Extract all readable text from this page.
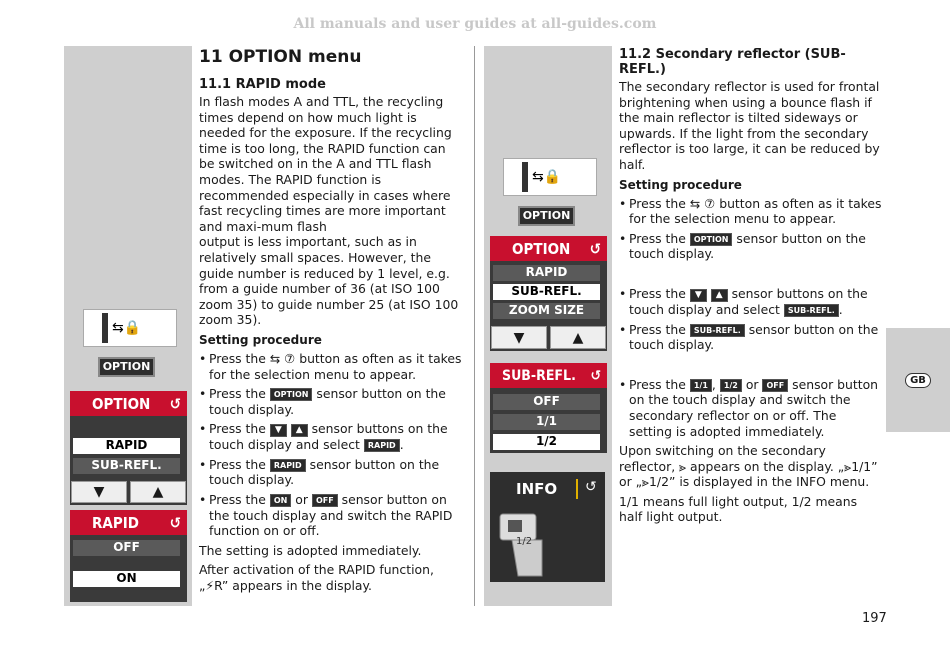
All manuals and user guides at all-guides.com
GB
⇆🔒
OPTION
OPTION ↺
RAPID
SUB-REFL.
▼	▲
RAPID ↺
OFF
ON
⇆🔒
OPTION
OPTION ↺
RAPID
SUB-REFL.
ZOOM SIZE
▼	▲
SUB-REFL. ↺
OFF
1/1
1/2
INFO ↺
1/2
11 OPTION menu
11.1 RAPID mode

In flash modes A and TTL, the recycling times depend on how much light is needed for the exposure. If the recycling time is too long, the RAPID function can be switched on in the A and TTL flash modes. The RAPID function is recommended especially in cases where fast recycling times are more important and maxi-mum flash

output is less important, such as in relatively small spaces. However, the guide number is reduced by 1 level, e.g. from a guide number of 36 (at ISO 100 zoom 35) to guide number 25 (at ISO 100 zoom 35).

Setting procedure
• Press the ⇆ ⑦ button as often as it takes for the selection menu to appear.
• Press the OPTION sensor button on the touch display.
• Press the ▼ ▲ sensor buttons on the touch display and select RAPID .
• Press the RAPID sensor button on the touch display.
• Press the ON or OFF sensor button on the touch display and switch the RAPID function on or off.

The setting is adopted immediately.

After activation of the RAPID function, „⚡R” appears in the display.

11.2 Secondary reflector (SUB-REFL.)

The secondary reflector is used for frontal brightening when using a bounce flash if the main reflector is tilted sideways or upwards. If the light from the secondary reflector is too large, it can be reduced by half.

Setting procedure
• Press the ⇆ ⑦ button as often as it takes for the selection menu to appear.
• Press the OPTION sensor button on the touch display.
• Press the ▼ ▲ sensor buttons on the touch display and select SUB-REFL. .
• Press the SUB-REFL. sensor button on the touch display.
• Press the 1/1 , 1/2 or OFF sensor button on the touch display and switch the secondary reflector on or off. The setting is adopted immediately.

Upon switching on the secondary reflector, ⪢ appears on the display. „⪢1/1” or „⪢1/2” is displayed in the INFO menu.

1/1 means full light output, 1/2 means half light output.

197
